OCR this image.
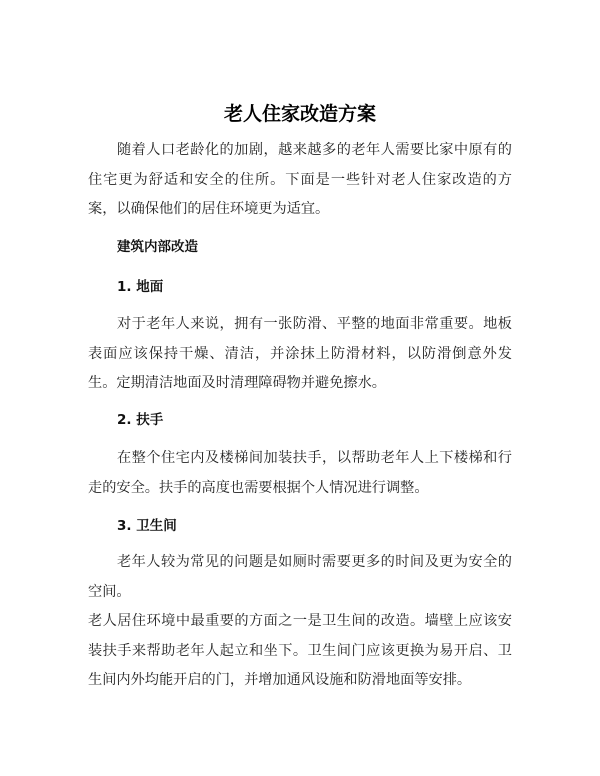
老人住家改造方案
随着人口老龄化的加剧，越来越多的老年人需要比家中原有的住宅更为舒适和安全的住所。下面是一些针对老人住家改造的方案，以确保他们的居住环境更为适宜。
建筑内部改造
1. 地面
对于老年人来说，拥有一张防滑、平整的地面非常重要。地板表面应该保持干燥、清洁，并涂抹上防滑材料，以防滑倒意外发生。定期清洁地面及时清理障碍物并避免擦水。
2. 扶手
在整个住宅内及楼梯间加装扶手，以帮助老年人上下楼梯和行走的安全。扶手的高度也需要根据个人情况进行调整。
3. 卫生间
老年人较为常见的问题是如厕时需要更多的时间及更为安全的空间。
老人居住环境中最重要的方面之一是卫生间的改造。墙壁上应该安装扶手来帮助老年人起立和坐下。卫生间门应该更换为易开启、卫生间内外均能开启的门，并增加通风设施和防滑地面等安排。
